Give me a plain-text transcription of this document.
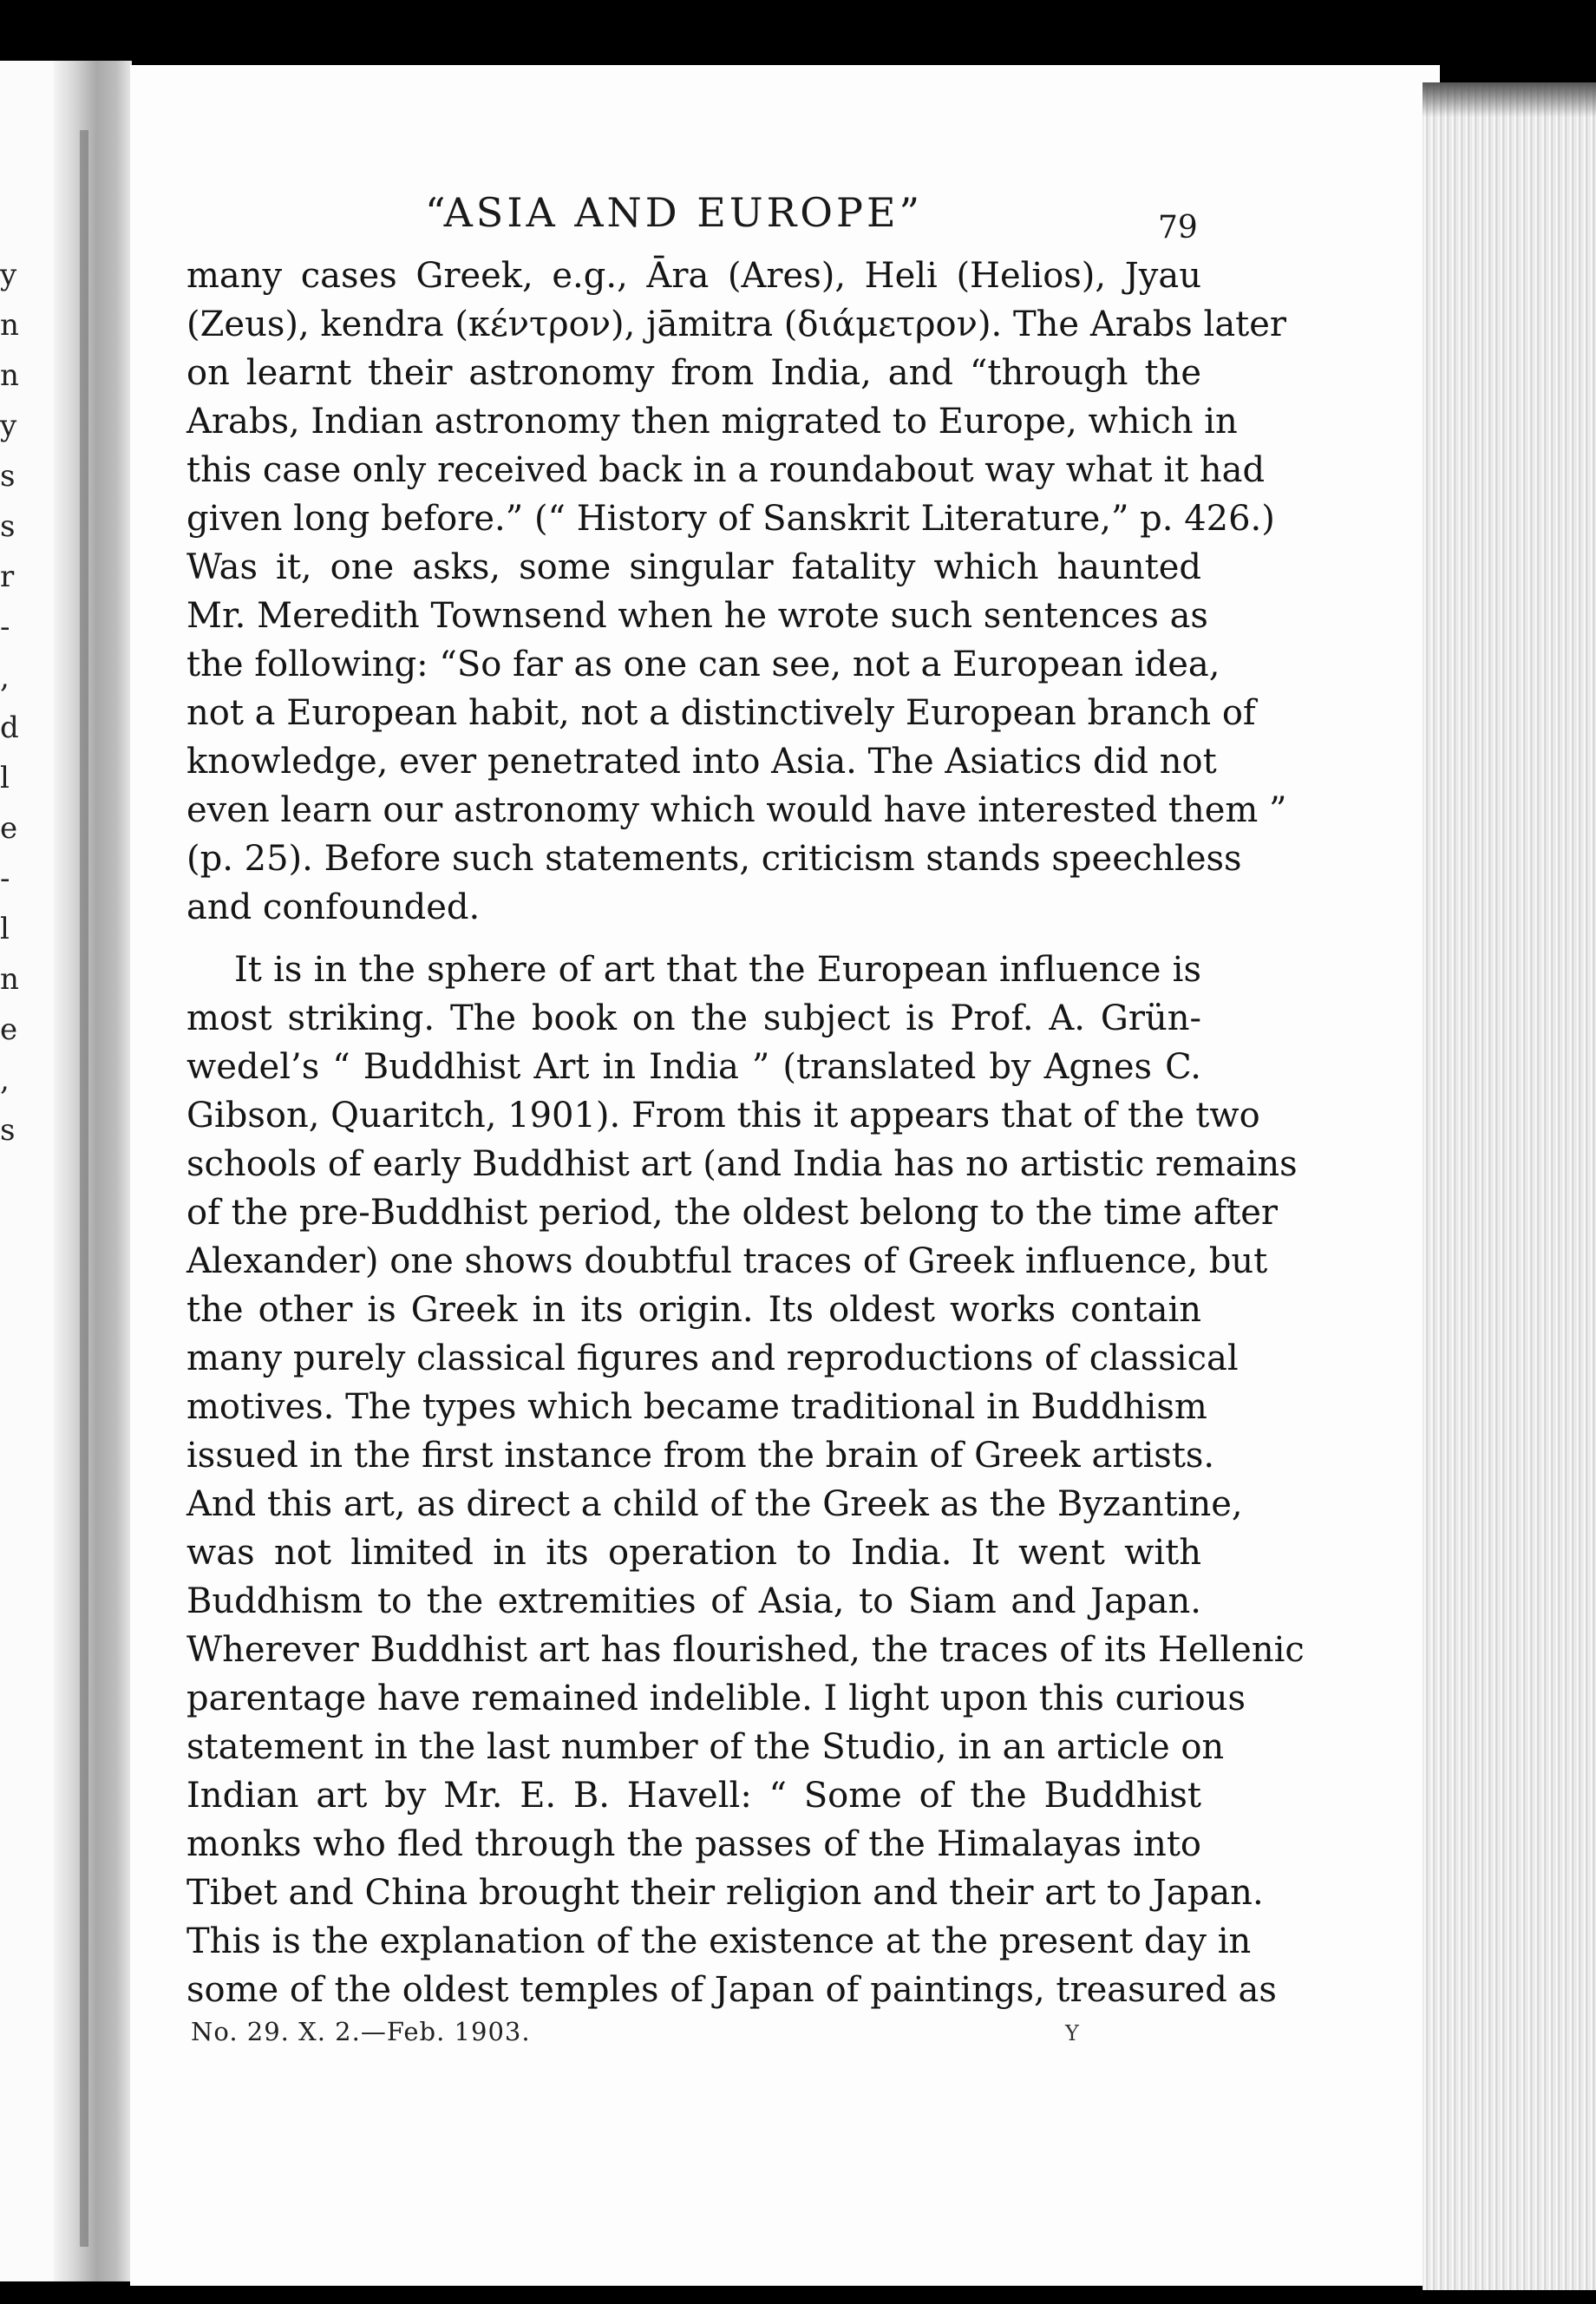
y
n
n
y
s
s
r
-
,
d
l
e
-
l
n
e
,
s
“ASIA AND EUROPE”	79
many cases Greek, e.g., Āra (Ares), Heli (Helios), Jyau
(Zeus), kendra (κέντρον), jāmitra (διάμετρον). The Arabs later
on learnt their astronomy from India, and “through the
Arabs, Indian astronomy then migrated to Europe, which in
this case only received back in a roundabout way what it had
given long before.” (“ History of Sanskrit Literature,” p. 426.)
Was it, one asks, some singular fatality which haunted
Mr. Meredith Townsend when he wrote such sentences as
the following: “So far as one can see, not a European idea,
not a European habit, not a distinctively European branch of
knowledge, ever penetrated into Asia. The Asiatics did not
even learn our astronomy which would have interested them ”
(p. 25). Before such statements, criticism stands speechless
and confounded.
It is in the sphere of art that the European influence is
most striking. The book on the subject is Prof. A. Grün-
wedel’s “ Buddhist Art in India ” (translated by Agnes C.
Gibson, Quaritch, 1901). From this it appears that of the two
schools of early Buddhist art (and India has no artistic remains
of the pre-Buddhist period, the oldest belong to the time after
Alexander) one shows doubtful traces of Greek influence, but
the other is Greek in its origin. Its oldest works contain
many purely classical figures and reproductions of classical
motives. The types which became traditional in Buddhism
issued in the first instance from the brain of Greek artists.
And this art, as direct a child of the Greek as the Byzantine,
was not limited in its operation to India. It went with
Buddhism to the extremities of Asia, to Siam and Japan.
Wherever Buddhist art has flourished, the traces of its Hellenic
parentage have remained indelible. I light upon this curious
statement in the last number of the Studio, in an article on
Indian art by Mr. E. B. Havell: “ Some of the Buddhist
monks who fled through the passes of the Himalayas into
Tibet and China brought their religion and their art to Japan.
This is the explanation of the existence at the present day in
some of the oldest temples of Japan of paintings, treasured as
No. 29. X. 2.—Feb. 1903.	Y
